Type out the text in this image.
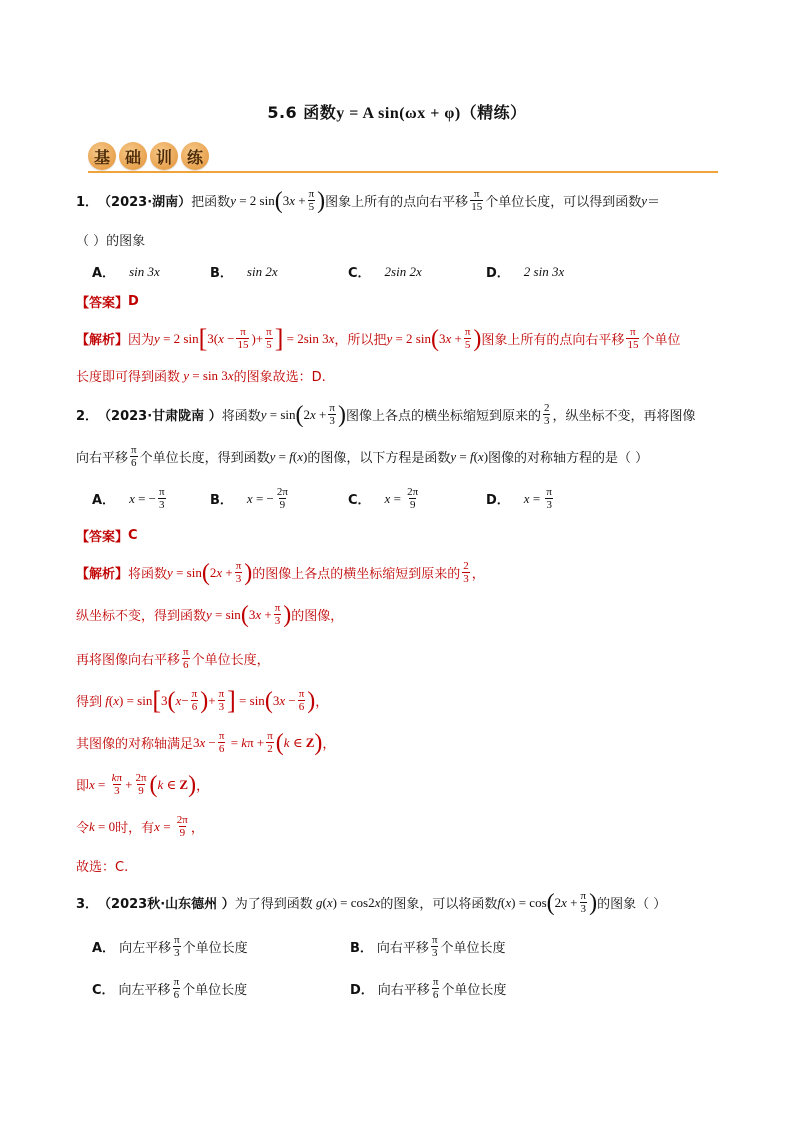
5.6 函数y = A sin(ωx + φ)（精练）
基 础 训 练
1． （2023·湖南） 把函数 y = 2 sin ( 3 $x + \frac{\pi}{5}$ ) 图象上所有的点向右平移 $\frac{\pi}{15}$ 个单位长度，可以得到函数 y ＝
（ ）的图象
A． sin 3x	B． sin 2x	C． 2sin 2x	D． 2 sin 3x
【答案】 D
【解析】 因为 y = 2 sin [ 3( $x - \frac{\pi}{15}$ )+ $\frac{\pi}{5}$ ] = 2sin 3 x ，所以把 y = 2 sin ( 3 $x + \frac{\pi}{5}$ ) 图象上所有的点向右平移 $\frac{\pi}{15}$ 个单位
长度即可得到函数 y = sin 3 x 的图象故选：D.
2． （2023·甘肃陇南 ） 将函数 y = sin ( 2 $x + \frac{\pi}{3}$ ) 图像上各点的横坐标缩短到原来的 $\frac{2}{3}$ ，纵坐标不变，再将图像
向右平移 $\frac{\pi}{6}$ 个单位长度，得到函数 y = f ( x ) 的图像，以下方程是函数 y = f ( x ) 图像的对称轴方程的是（ ）
A． x = − $\frac{\pi}{3}$	B． x = − $\frac{2\pi}{9}$	C． $x = \frac{2\pi}{9}$	D． $x = \frac{\pi}{3}$
【答案】 C
【解析】 将函数 y = sin ( 2 $x + \frac{\pi}{3}$ ) 的图像上各点的横坐标缩短到原来的 $\frac{2}{3}$ ，
纵坐标不变，得到函数 y = sin ( 3 $x + \frac{\pi}{3}$ ) 的图像，
再将图像向右平移 $\frac{\pi}{6}$ 个单位长度，
得到 f ( x ) = sin [ 3 ( $x - \frac{\pi}{6}$ ) + $\frac{\pi}{3}$ ] = sin ( 3 $x - \frac{\pi}{6}$ ) ，
其图像的对称轴满足 3 $x - \frac{\pi}{6} = k$ $\pi + \frac{\pi}{2}$ ( k ∈ Z ) ，
即 $x = \frac{k\pi}{3} + \frac{2\pi}{9}$ ( k ∈ Z ) ，
令 k = 0 时，有 $x = \frac{2\pi}{9}$ ，
故选：C.
3． （2023秋·山东德州 ） 为了得到函数 g ( x ) = cos2 x 的图象，可以将函数 f ( x ) = cos ( 2 $x + \frac{\pi}{3}$ ) 的图象（ ）
A． 向左平移 $\frac{\pi}{3}$ 个单位长度	B． 向右平移 $\frac{\pi}{3}$ 个单位长度
C． 向左平移 $\frac{\pi}{6}$ 个单位长度	D． 向右平移 $\frac{\pi}{6}$ 个单位长度
